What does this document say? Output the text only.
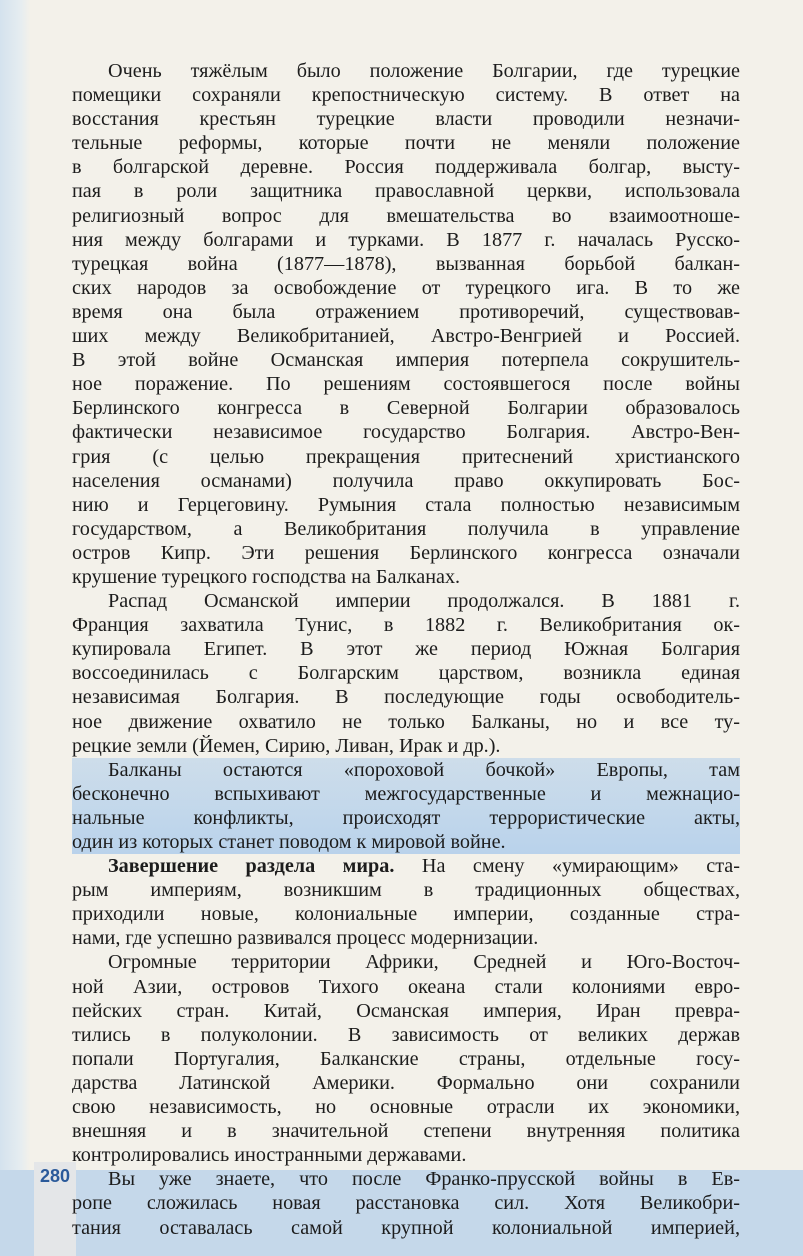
280
Очень тяжёлым было положение Болгарии, где турецкие
помещики сохраняли крепостническую систему. В ответ на
восстания крестьян турецкие власти проводили незначи-
тельные реформы, которые почти не меняли положение
в болгарской деревне. Россия поддерживала болгар, высту-
пая в роли защитника православной церкви, использовала
религиозный вопрос для вмешательства во взаимоотноше-
ния между болгарами и турками. В 1877 г. началась Русско-
турецкая война (1877—1878), вызванная борьбой балкан-
ских народов за освобождение от турецкого ига. В то же
время она была отражением противоречий, существовав-
ших между Великобританией, Австро-Венгрией и Россией.
В этой войне Османская империя потерпела сокрушитель-
ное поражение. По решениям состоявшегося после войны
Берлинского конгресса в Северной Болгарии образовалось
фактически независимое государство Болгария. Австро-Вен-
грия (с целью прекращения притеснений христианского
населения османами) получила право оккупировать Бос-
нию и Герцеговину. Румыния стала полностью независимым
государством, а Великобритания получила в управление
остров Кипр. Эти решения Берлинского конгресса означали
крушение турецкого господства на Балканах.
Распад Османской империи продолжался. В 1881 г.
Франция захватила Тунис, в 1882 г. Великобритания ок-
купировала Египет. В этот же период Южная Болгария
воссоединилась с Болгарским царством, возникла единая
независимая Болгария. В последующие годы освободитель-
ное движение охватило не только Балканы, но и все ту-
рецкие земли (Йемен, Сирию, Ливан, Ирак и др.).
Балканы остаются «пороховой бочкой» Европы, там
бесконечно вспыхивают межгосударственные и межнацио-
нальные конфликты, происходят террористические акты,
один из которых станет поводом к мировой войне.
Завершение раздела мира. На смену «умирающим» ста-
рым империям, возникшим в традиционных обществах,
приходили новые, колониальные империи, созданные стра-
нами, где успешно развивался процесс модернизации.
Огромные территории Африки, Средней и Юго-Восточ-
ной Азии, островов Тихого океана стали колониями евро-
пейских стран. Китай, Османская империя, Иран превра-
тились в полуколонии. В зависимость от великих держав
попали Португалия, Балканские страны, отдельные госу-
дарства Латинской Америки. Формально они сохранили
свою независимость, но основные отрасли их экономики,
внешняя и в значительной степени внутренняя политика
контролировались иностранными державами.
Вы уже знаете, что после Франко-прусской войны в Ев-
ропе сложилась новая расстановка сил. Хотя Великобри-
тания оставалась самой крупной колониальной империей,
